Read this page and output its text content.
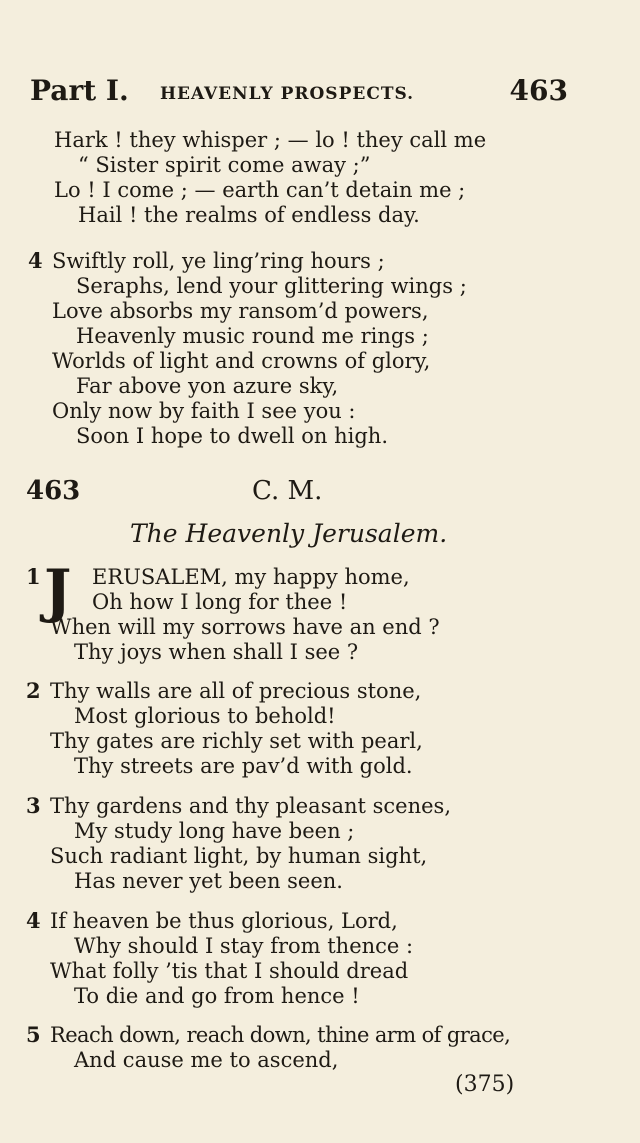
Part I. HEAVENLY PROSPECTS.	463
Hark ! they whisper ; — lo ! they call me
“ Sister spirit come away ;”
Lo ! I come ; — earth can’t detain me ;
Hail ! the realms of endless day.
4 Swiftly roll, ye ling’ring hours ;
Seraphs, lend your glittering wings ;
Love absorbs my ransom’d powers,
Heavenly music round me rings ;
Worlds of light and crowns of glory,
Far above yon azure sky,
Only now by faith I see you :
Soon I hope to dwell on high.
463	C. M.
The Heavenly Jerusalem.
1 J ERUSALEM, my happy home,
Oh how I long for thee !
When will my sorrows have an end ?
Thy joys when shall I see ?
2 Thy walls are all of precious stone,
Most glorious to behold!
Thy gates are richly set with pearl,
Thy streets are pav’d with gold.
3 Thy gardens and thy pleasant scenes,
My study long have been ;
Such radiant light, by human sight,
Has never yet been seen.
4 If heaven be thus glorious, Lord,
Why should I stay from thence :
What folly ’tis that I should dread
To die and go from hence !
5 Reach down, reach down, thine arm of grace,
And cause me to ascend,
(375)
